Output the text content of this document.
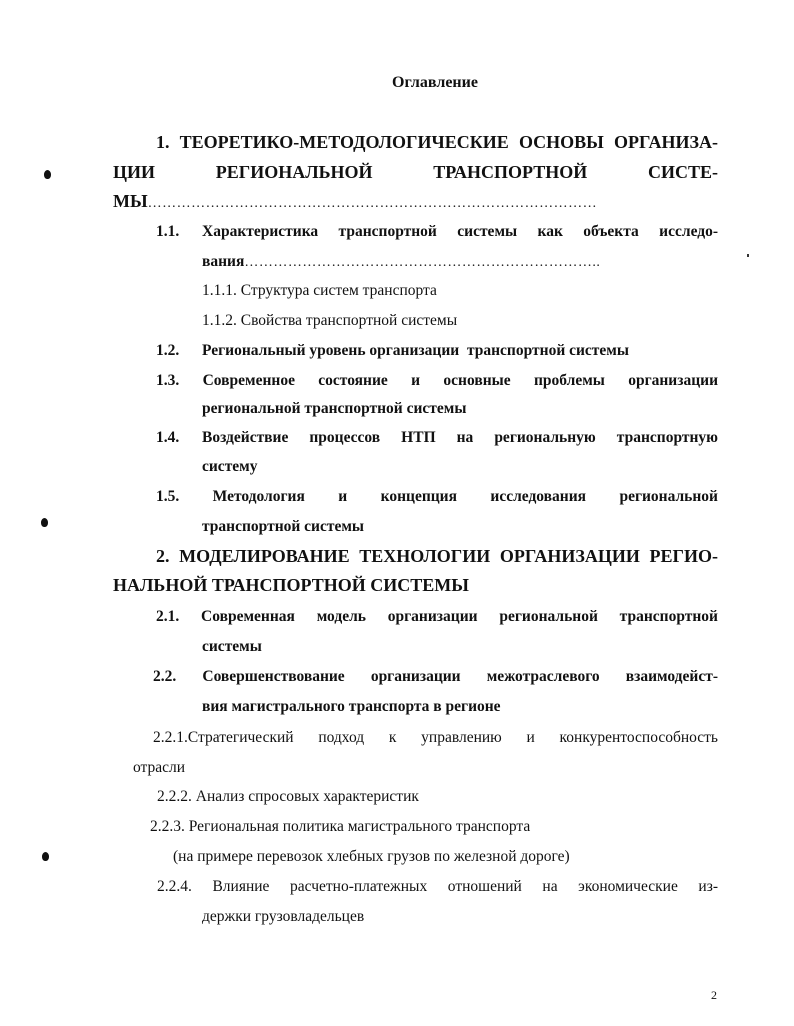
Оглавление
1. ТЕОРЕТИКО-МЕТОДОЛОГИЧЕСКИЕ ОСНОВЫ ОРГАНИЗА-
ЦИИ	РЕГИОНАЛЬНОЙ	ТРАНСПОРТНОЙ	СИСТЕ-
МЫ …………………………………………………………………………………
1.1. Характеристика транспортной системы как объекта исследо-
вания ………………………………………………………………..
1.1.1. Структура систем транспорта
1.1.2. Свойства транспортной системы
1.2. Региональный уровень организации  транспортной системы
1.3. Современное состояние и основные проблемы организации
региональной транспортной системы
1.4. Воздействие процессов НТП на региональную транспортную
систему
1.5. Методология и концепция исследования региональной
транспортной системы
2. МОДЕЛИРОВАНИЕ ТЕХНОЛОГИИ ОРГАНИЗАЦИИ РЕГИО-
НАЛЬНОЙ ТРАНСПОРТНОЙ СИСТЕМЫ
2.1. Современная модель организации региональной транспортной
системы
2.2. Совершенствование организации межотраслевого взаимодейст-
вия магистрального транспорта в регионе
2.2.1.Стратегический подход к управлению и конкурентоспособность
отрасли
2.2.2. Анализ спросовых характеристик
2.2.3. Региональная политика магистрального транспорта
(на примере перевозок хлебных грузов по железной дороге)
2.2.4. Влияние расчетно-платежных отношений на экономические из-
держки грузовладельцев
2
